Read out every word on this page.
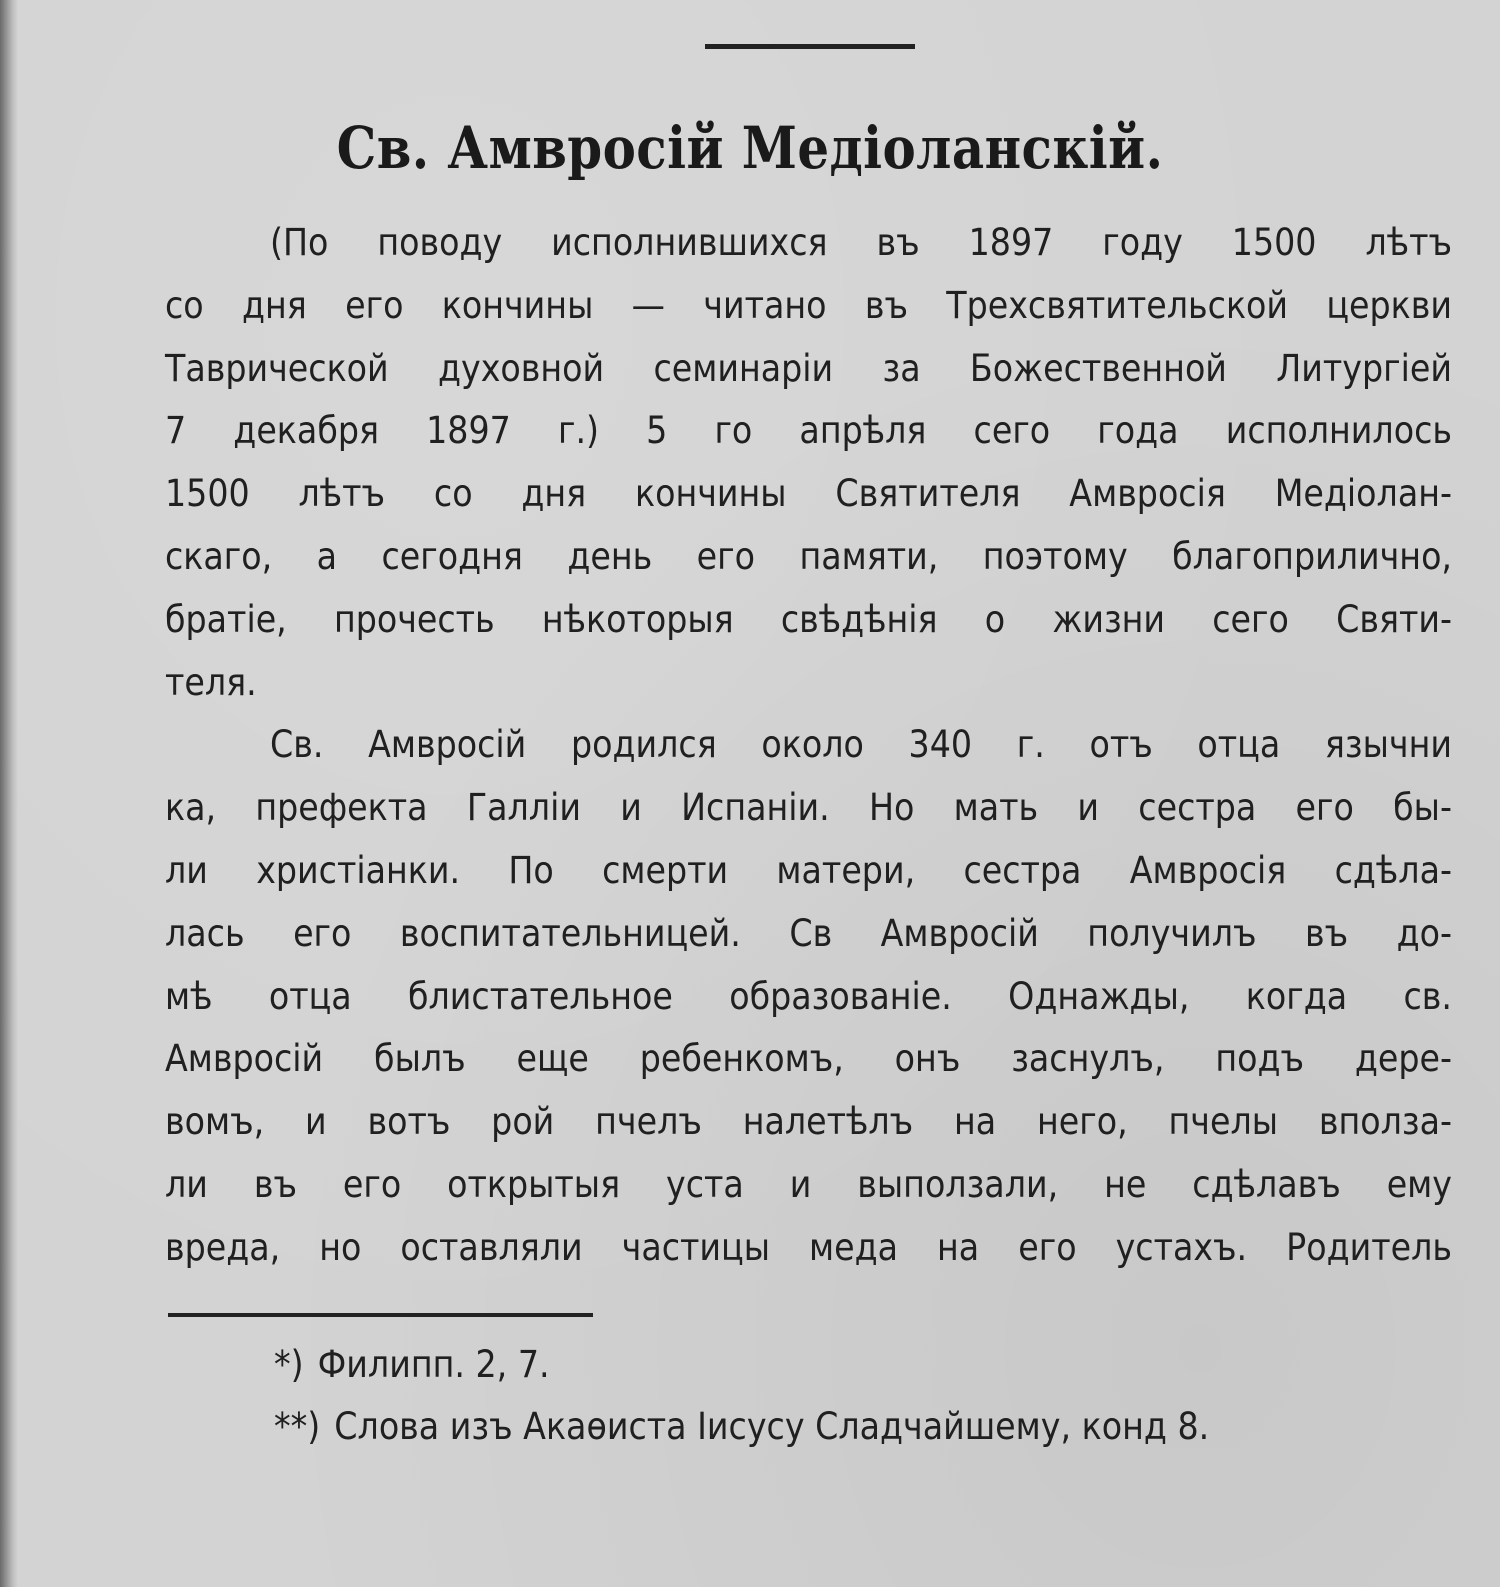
Св. Амвросій Медіоланскій.

(По поводу исполнившихся въ 1897 году 1500 лѣтъ

со дня его кончины — читано въ Трехсвятительской церкви

Таврической духовной семинаріи за Божественной Литургіей

7 декабря 1897 г.) 5 го апрѣля сего года исполнилось

1500 лѣтъ со дня кончины Святителя Амвросія Медіолан-

скаго, а сегодня день его памяти, поэтому благоприлично,

братіе, прочесть нѣкоторыя свѣдѣнія о жизни сего Святи-

теля.

Св. Амвросій родился около 340 г. отъ отца язычни

ка, префекта Галліи и Испаніи. Но мать и сестра его бы-

ли христіанки. По смерти матери, сестра Амвросія сдѣла-

лась его воспитательницей. Св Амвросій получилъ въ до-

мѣ отца блистательное образованіе. Однажды, когда св.

Амвросій былъ еще ребенкомъ, онъ заснулъ, подъ дере-

вомъ, и вотъ рой пчелъ налетѣлъ на него, пчелы вполза-

ли въ его открытыя уста и выползали, не сдѣлавъ ему

вреда, но оставляли частицы меда на его устахъ. Родитель

*) Филипп. 2, 7.
**) Слова изъ Акаѳиста Іисусу Сладчайшему, конд 8.
